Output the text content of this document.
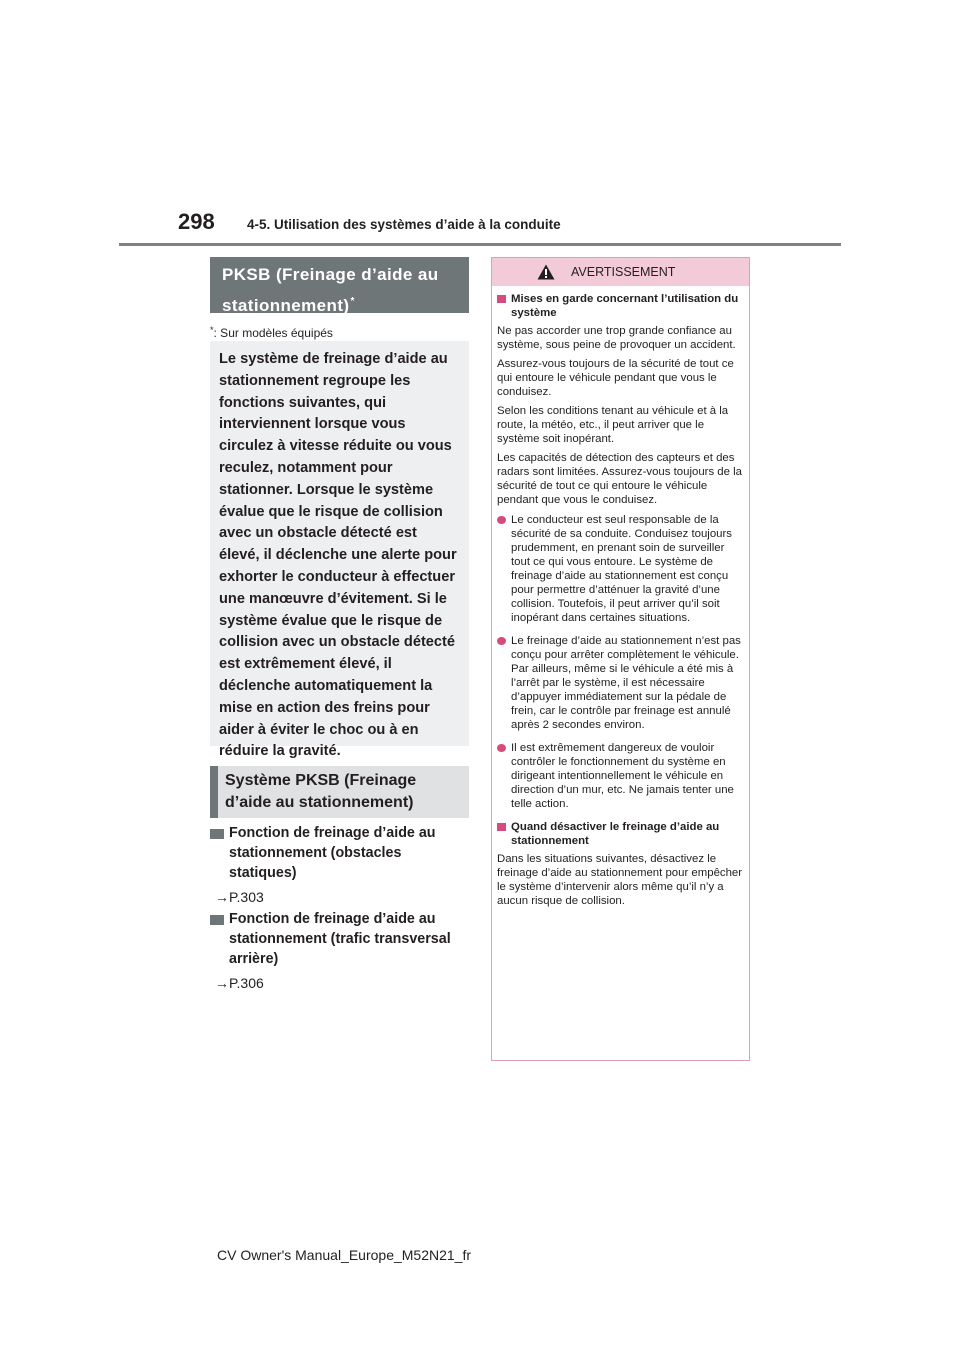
298 4-5. Utilisation des systèmes d’aide à la conduite
PKSB (Freinage d’aide au
stationnement)*
*: Sur modèles équipés

Le système de freinage d’aide au stationnement regroupe les fonctions suivantes, qui interviennent lorsque vous circulez à vitesse réduite ou vous reculez, notamment pour stationner. Lorsque le système évalue que le risque de collision avec un obstacle détecté est élevé, il déclenche une alerte pour exhorter le conducteur à effectuer une manœuvre d’évitement. Si le système évalue que le risque de collision avec un obstacle détecté est extrêmement élevé, il déclenche automatiquement la mise en action des freins pour aider à éviter le choc ou à en réduire la gravité.

Système PKSB (Freinage d’aide au stationnement)
Fonction de freinage d’aide au stationnement (obstacles statiques)
→P.303
Fonction de freinage d’aide au stationnement (trafic transversal arrière)
→P.306
AVERTISSEMENT
Mises en garde concernant l’utilisation du système

Ne pas accorder une trop grande confiance au système, sous peine de provoquer un accident.

Assurez-vous toujours de la sécurité de tout ce qui entoure le véhicule pendant que vous le conduisez.

Selon les conditions tenant au véhicule et à la route, la météo, etc., il peut arriver que le système soit inopérant.

Les capacités de détection des capteurs et des radars sont limitées. Assurez-vous toujours de la sécurité de tout ce qui entoure le véhicule pendant que vous le conduisez.

Le conducteur est seul responsable de la sécurité de sa conduite. Conduisez toujours prudemment, en prenant soin de surveiller tout ce qui vous entoure. Le système de freinage d’aide au stationnement est conçu pour permettre d’atténuer la gravité d’une collision. Toutefois, il peut arriver qu’il soit inopérant dans certaines situations.
Le freinage d’aide au stationnement n’est pas conçu pour arrêter complètement le véhicule. Par ailleurs, même si le véhicule a été mis à l’arrêt par le système, il est nécessaire d’appuyer immédiatement sur la pédale de frein, car le contrôle par freinage est annulé après 2 secondes environ.
Il est extrêmement dangereux de vouloir contrôler le fonctionnement du système en dirigeant intentionnellement le véhicule en direction d’un mur, etc. Ne jamais tenter une telle action.
Quand désactiver le freinage d’aide au stationnement

Dans les situations suivantes, désactivez le freinage d’aide au stationnement pour empêcher le système d’intervenir alors même qu’il n’y a aucun risque de collision.

CV Owner's Manual_Europe_M52N21_fr
